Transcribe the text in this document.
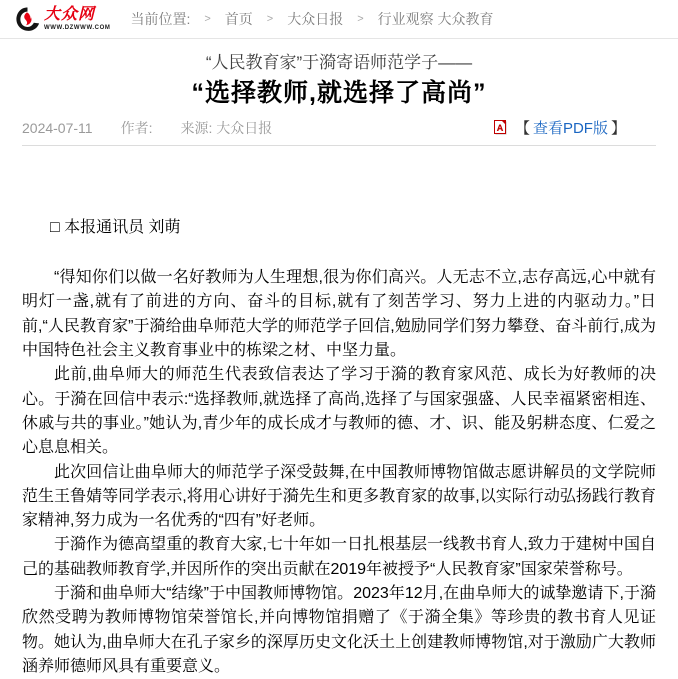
大众网
WWW.DZWWW.COM
当前位置: > 首页 > 大众日报 > 行业观察 大众教育
“人民教育家”于漪寄语师范学子——
“选择教师,就选择了高尚”
2024-07-11 作者: 来源: 大众日报	【 查看PDF版 】

□ 本报通讯员 刘萌

“得知你们以做一名好教师为人生理想,很为你们高兴。人无志不立,志存高远,心中就有明灯一盏,就有了前进的方向、奋斗的目标,就有了刻苦学习、努力上进的内驱动力。”日前,“人民教育家”于漪给曲阜师范大学的师范学子回信,勉励同学们努力攀登、奋斗前行,成为中国特色社会主义教育事业中的栋梁之材、中坚力量。

此前,曲阜师大的师范生代表致信表达了学习于漪的教育家风范、成长为好教师的决心。于漪在回信中表示:“选择教师,就选择了高尚,选择了与国家强盛、人民幸福紧密相连、休戚与共的事业。”她认为,青少年的成长成才与教师的德、才、识、能及躬耕态度、仁爱之心息息相关。

此次回信让曲阜师大的师范学子深受鼓舞,在中国教师博物馆做志愿讲解员的文学院师范生王鲁婧等同学表示,将用心讲好于漪先生和更多教育家的故事,以实际行动弘扬践行教育家精神,努力成为一名优秀的“四有”好老师。

于漪作为德高望重的教育大家,七十年如一日扎根基层一线教书育人,致力于建树中国自己的基础教师教育学,并因所作的突出贡献在2019年被授予“人民教育家”国家荣誉称号。

于漪和曲阜师大“结缘”于中国教师博物馆。2023年12月,在曲阜师大的诚挚邀请下,于漪欣然受聘为教师博物馆荣誉馆长,并向博物馆捐赠了《于漪全集》等珍贵的教书育人见证物。她认为,曲阜师大在孔子家乡的深厚历史文化沃土上创建教师博物馆,对于激励广大教师涵养师德师风具有重要意义。
